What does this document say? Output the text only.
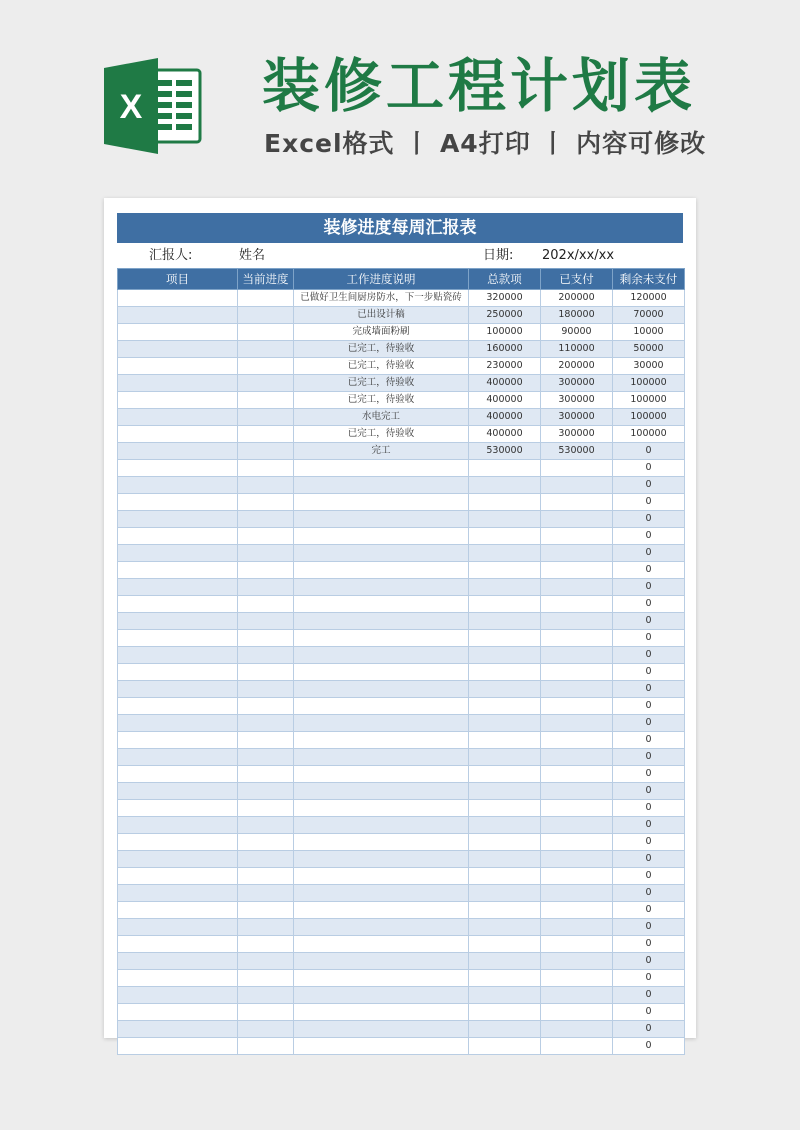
X 装修工程计划表
Excel格式 丨 A4打印 丨 内容可修改
装修进度每周汇报表
汇报人:	姓名	日期: 202x/xx/xx
项目	当前进度	工作进度说明	总款项	已支付	剩余未支付
		已做好卫生间厨房防水，下一步贴瓷砖	320000	200000	120000
		已出设计稿	250000	180000	70000
		完成墙面粉刷	100000	90000	10000
		已完工，待验收	160000	110000	50000
		已完工，待验收	230000	200000	30000
		已完工，待验收	400000	300000	100000
		已完工，待验收	400000	300000	100000
		水电完工	400000	300000	100000
		已完工，待验收	400000	300000	100000
		完工	530000	530000	0
					0
					0
					0
					0
					0
					0
					0
					0
					0
					0
					0
					0
					0
					0
					0
					0
					0
					0
					0
					0
					0
					0
					0
					0
					0
					0
					0
					0
					0
					0
					0
					0
					0
					0
					0
